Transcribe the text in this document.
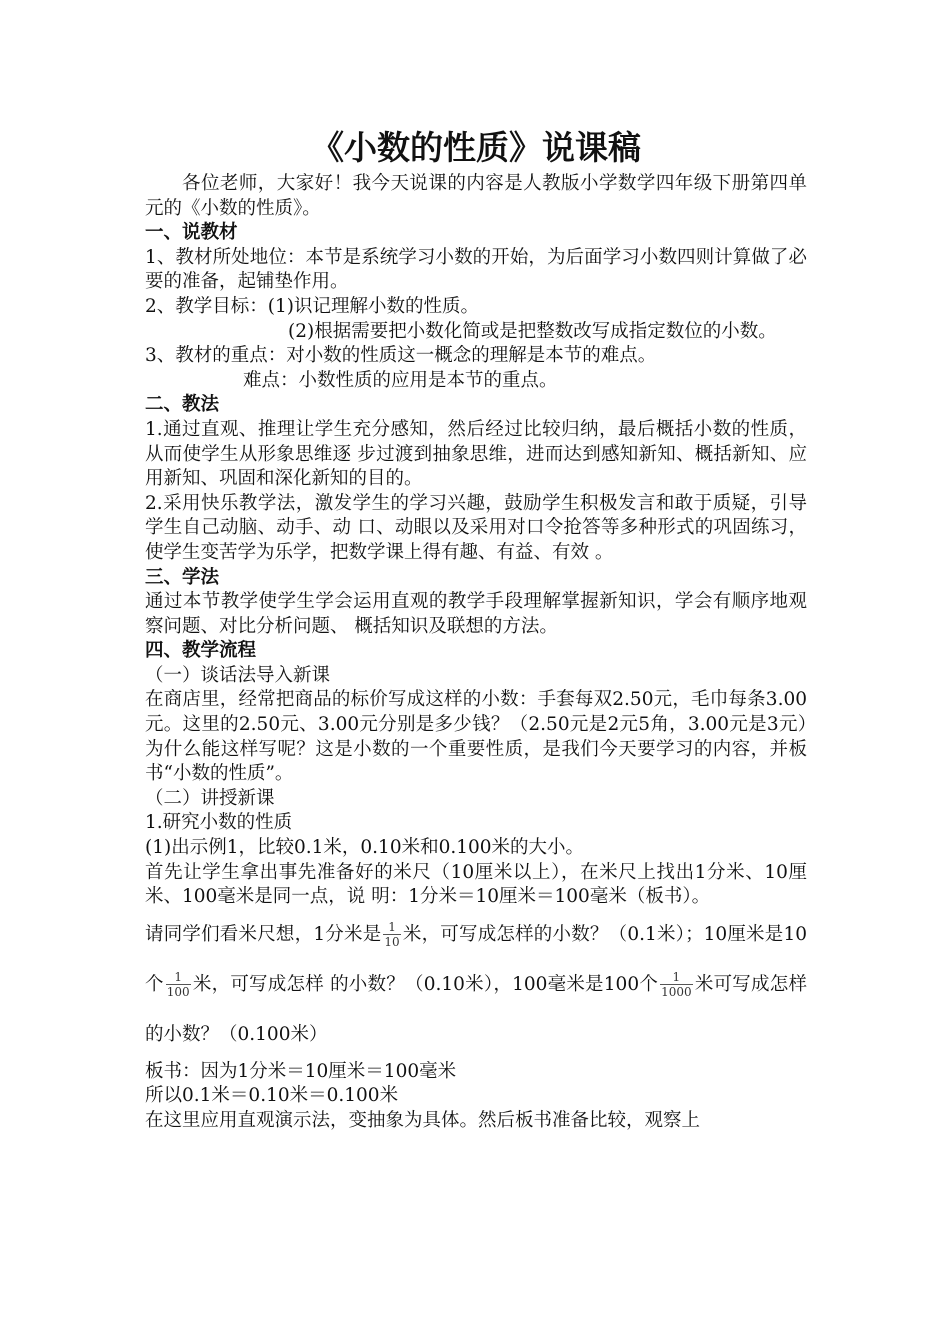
《小数的性质》说课稿

各位老师，大家好！我今天说课的内容是人教版小学数学四年级下册第四单元的《小数的性质》。

一、说教材

1、教材所处地位：本节是系统学习小数的开始，为后面学习小数四则计算做了必要的准备，起铺垫作用。

2、教学目标：(1)识记理解小数的性质。

(2)根据需要把小数化简或是把整数改写成指定数位的小数。

3、教材的重点：对小数的性质这一概念的理解是本节的难点。

难点：小数性质的应用是本节的重点。

二、教法

1.通过直观、推理让学生充分感知，然后经过比较归纳，最后概括小数的性质，从而使学生从形象思维逐 步过渡到抽象思维，进而达到感知新知、概括新知、应用新知、巩固和深化新知的目的。

2.采用快乐教学法，激发学生的学习兴趣，鼓励学生积极发言和敢于质疑，引导学生自己动脑、动手、动 口、动眼以及采用对口令抢答等多种形式的巩固练习，使学生变苦学为乐学，把数学课上得有趣、有益、有效 。

三、学法

通过本节教学使学生学会运用直观的教学手段理解掌握新知识，学会有顺序地观察问题、对比分析问题、 概括知识及联想的方法。

四、教学流程

（一）谈话法导入新课

在商店里，经常把商品的标价写成这样的小数：手套每双2.50元，毛巾每条3.00元。这里的2.50元、3.00元分别是多少钱？（2.50元是2元5角，3.00元是3元）为什么能这样写呢？这是小数的一个重要性质，是我们今天要学习的内容，并板书“小数的性质”。

（二）讲授新课

1.研究小数的性质

(1)出示例1，比较0.1米，0.10米和0.100米的大小。

首先让学生拿出事先准备好的米尺（10厘米以上），在米尺上找出1分米、10厘米、100毫米是同一点，说 明：1分米＝10厘米＝100毫米（板书）。

请同学们看米尺想，1分米是 $\frac{1}{10}$ 米，可写成怎样的小数？（0.1米）；10厘米是10个 $\frac{1}{100}$ 米，可写成怎样 的小数？（0.10米），100毫米是100个 $\frac{1}{1000}$ 米可写成怎样的小数？（0.100米）

板书：因为1分米＝10厘米＝100毫米

所以0.1米＝0.10米＝0.100米

在这里应用直观演示法，变抽象为具体。然后板书准备比较，观察上
